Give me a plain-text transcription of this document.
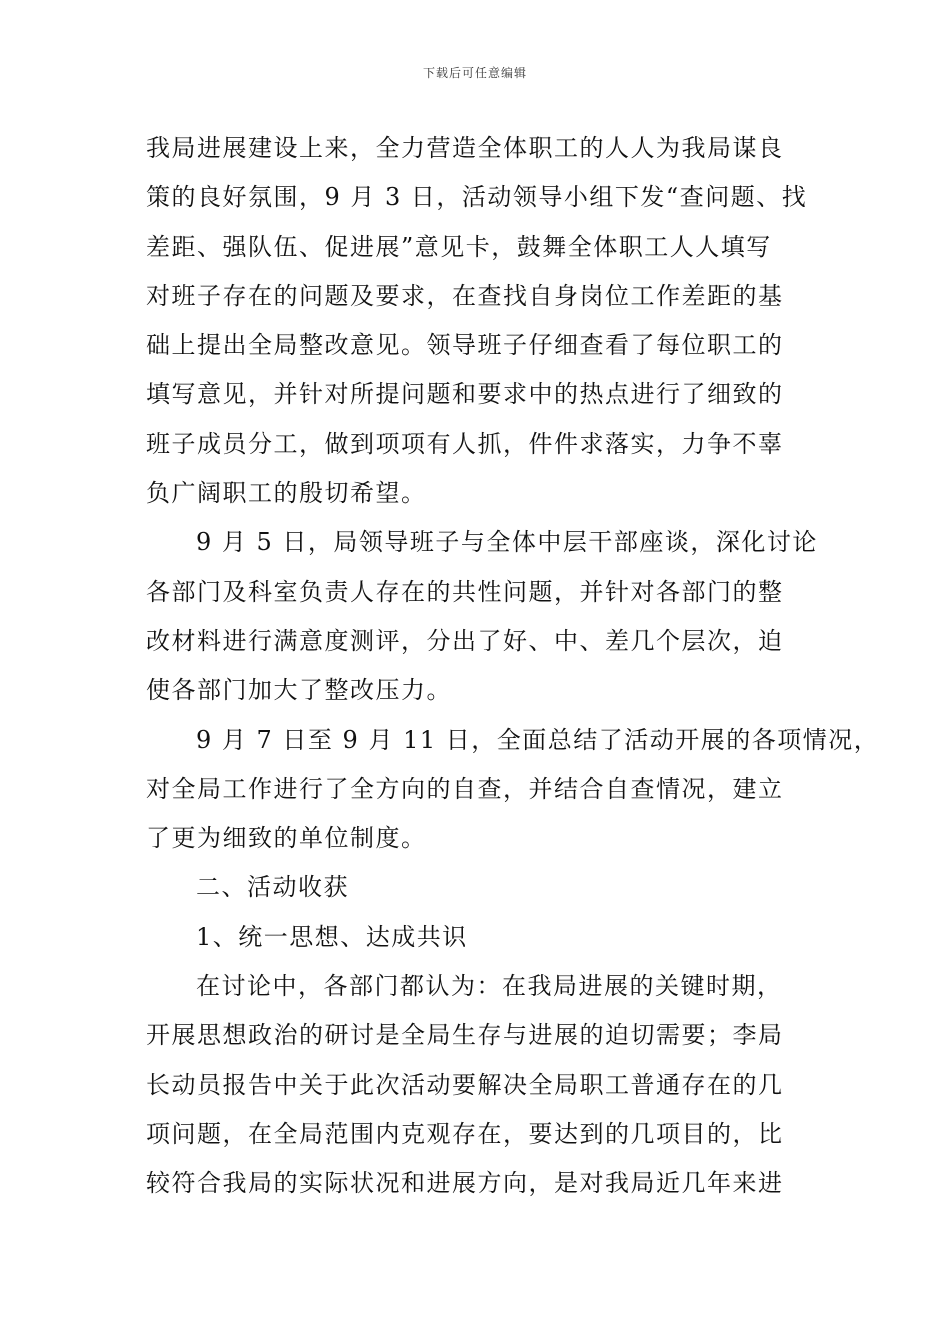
下载后可任意编辑

我局进展建设上来，全力营造全体职工的人人为我局谋良
策的良好氛围，9 月 3 日，活动领导小组下发“查问题、找
差距、强队伍、促进展”意见卡，鼓舞全体职工人人填写
对班子存在的问题及要求，在查找自身岗位工作差距的基
础上提出全局整改意见。领导班子仔细查看了每位职工的
填写意见，并针对所提问题和要求中的热点进行了细致的
班子成员分工，做到项项有人抓，件件求落实，力争不辜
负广阔职工的殷切希望。

9 月 5 日，局领导班子与全体中层干部座谈，深化讨论
各部门及科室负责人存在的共性问题，并针对各部门的整
改材料进行满意度测评，分出了好、中、差几个层次，迫
使各部门加大了整改压力。

9 月 7 日至 9 月 11 日，全面总结了活动开展的各项情况，
对全局工作进行了全方向的自查，并结合自查情况，建立
了更为细致的单位制度。

二、活动收获

1、统一思想、达成共识

在讨论中，各部门都认为：在我局进展的关键时期，
开展思想政治的研讨是全局生存与进展的迫切需要；李局
长动员报告中关于此次活动要解决全局职工普通存在的几
项问题，在全局范围内克观存在，要达到的几项目的，比
较符合我局的实际状况和进展方向，是对我局近几年来进
